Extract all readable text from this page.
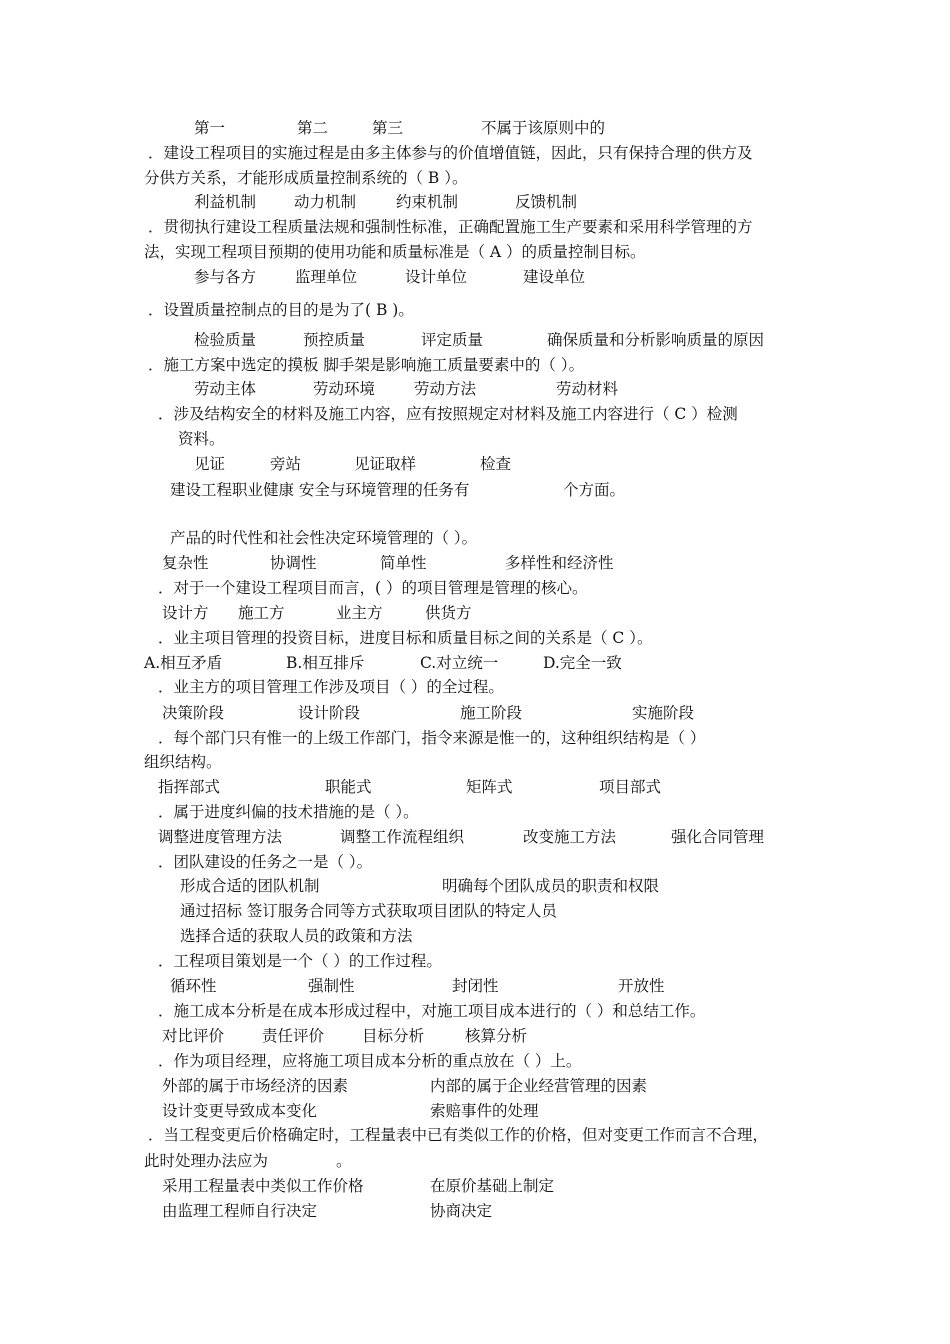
第一	第二	第三	不属于该原则中的
．建设工程项目的实施过程是由多主体参与的价值增值链，因此，只有保持合理的供方及
分供方关系，才能形成质量控制系统的（ B ）。
利益机制 动力机制	约束机制	反馈机制
．贯彻执行建设工程质量法规和强制性标准，正确配置施工生产要素和采用科学管理的方
法，实现工程项目预期的使用功能和质量标准是（ A ）的质量控制目标。
参与各方	监理单位	设计单位	建设单位
．设置质量控制点的目的是为了( B )。
检验质量	预控质量	评定质量	确保质量和分析影响质量的原因
．施工方案中选定的摸板 脚手架是影响施工质量要素中的（ ）。
劳动主体	劳动环境	劳动方法	劳动材料
．涉及结构安全的材料及施工内容，应有按照规定对材料及施工内容进行（ C ）检测
资料。
见证	旁站	见证取样	检查
建设工程职业健康 安全与环境管理的任务有	个方面。
产品的时代性和社会性决定环境管理的（ ）。
复杂性	协调性	简单性	多样性和经济性
．对于一个建设工程项目而言，( ）的项目管理是管理的核心。
设计方 施工方	业主方	供货方
．业主项目管理的投资目标，进度目标和质量目标之间的关系是（ C ）。
A.相互矛盾	B.相互排斥	C.对立统一	D.完全一致
．业主方的项目管理工作涉及项目（ ）的全过程。
决策阶段	设计阶段	施工阶段	实施阶段
．每个部门只有惟一的上级工作部门，指令来源是惟一的，这种组织结构是（ ）
组织结构。
指挥部式	职能式	矩阵式	项目部式
．属于进度纠偏的技术措施的是（ ）。
调整进度管理方法	调整工作流程组织	改变施工方法	强化合同管理
．团队建设的任务之一是（ ）。
形成合适的团队机制	明确每个团队成员的职责和权限
通过招标 签订服务合同等方式获取项目团队的特定人员
选择合适的获取人员的政策和方法
．工程项目策划是一个（ ）的工作过程。
循环性	强制性	封闭性	开放性
．施工成本分析是在成本形成过程中，对施工项目成本进行的（ ）和总结工作。
对比评价 责任评价 目标分析	核算分析
．作为项目经理，应将施工项目成本分析的重点放在（ ）上。
外部的属于市场经济的因素	内部的属于企业经营管理的因素
设计变更导致成本变化	索赔事件的处理
．当工程变更后价格确定时，工程量表中已有类似工作的价格，但对变更工作而言不合理，
此时处理办法应为	。
采用工程量表中类似工作价格	在原价基础上制定
由监理工程师自行决定	协商决定
